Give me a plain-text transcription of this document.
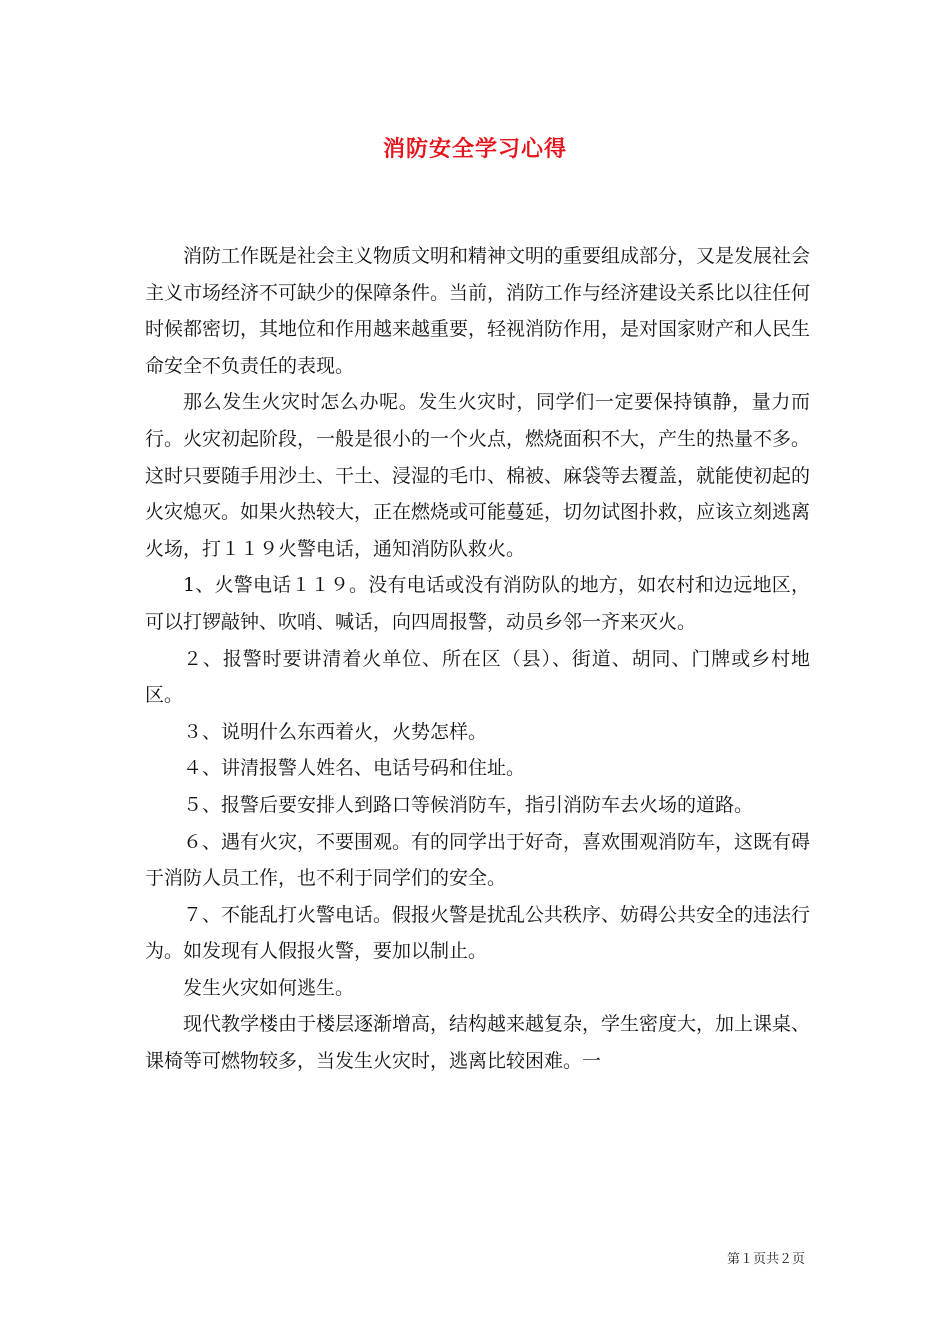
消防安全学习心得

消防工作既是社会主义物质文明和精神文明的重要组成部分，又是发展社会主义市场经济不可缺少的保障条件。当前，消防工作与经济建设关系比以往任何时候都密切，其地位和作用越来越重要，轻视消防作用，是对国家财产和人民生命安全不负责任的表现。

那么发生火灾时怎么办呢。发生火灾时，同学们一定要保持镇静，量力而行。火灾初起阶段，一般是很小的一个火点，燃烧面积不大，产生的热量不多。这时只要随手用沙土、干土、浸湿的毛巾、棉被、麻袋等去覆盖，就能使初起的火灾熄灭。如果火热较大，正在燃烧或可能蔓延，切勿试图扑救，应该立刻逃离火场，打１１９火警电话，通知消防队救火。

1、火警电话１１９。没有电话或没有消防队的地方，如农村和边远地区，可以打锣敲钟、吹哨、喊话，向四周报警，动员乡邻一齐来灭火。

２、报警时要讲清着火单位、所在区（县）、街道、胡同、门牌或乡村地区。

３、说明什么东西着火，火势怎样。

４、讲清报警人姓名、电话号码和住址。

５、报警后要安排人到路口等候消防车，指引消防车去火场的道路。

６、遇有火灾，不要围观。有的同学出于好奇，喜欢围观消防车，这既有碍于消防人员工作，也不利于同学们的安全。

７、不能乱打火警电话。假报火警是扰乱公共秩序、妨碍公共安全的违法行为。如发现有人假报火警，要加以制止。

发生火灾如何逃生。

现代教学楼由于楼层逐渐增高，结构越来越复杂，学生密度大，加上课桌、课椅等可燃物较多，当发生火灾时，逃离比较困难。一

第１页共２页
